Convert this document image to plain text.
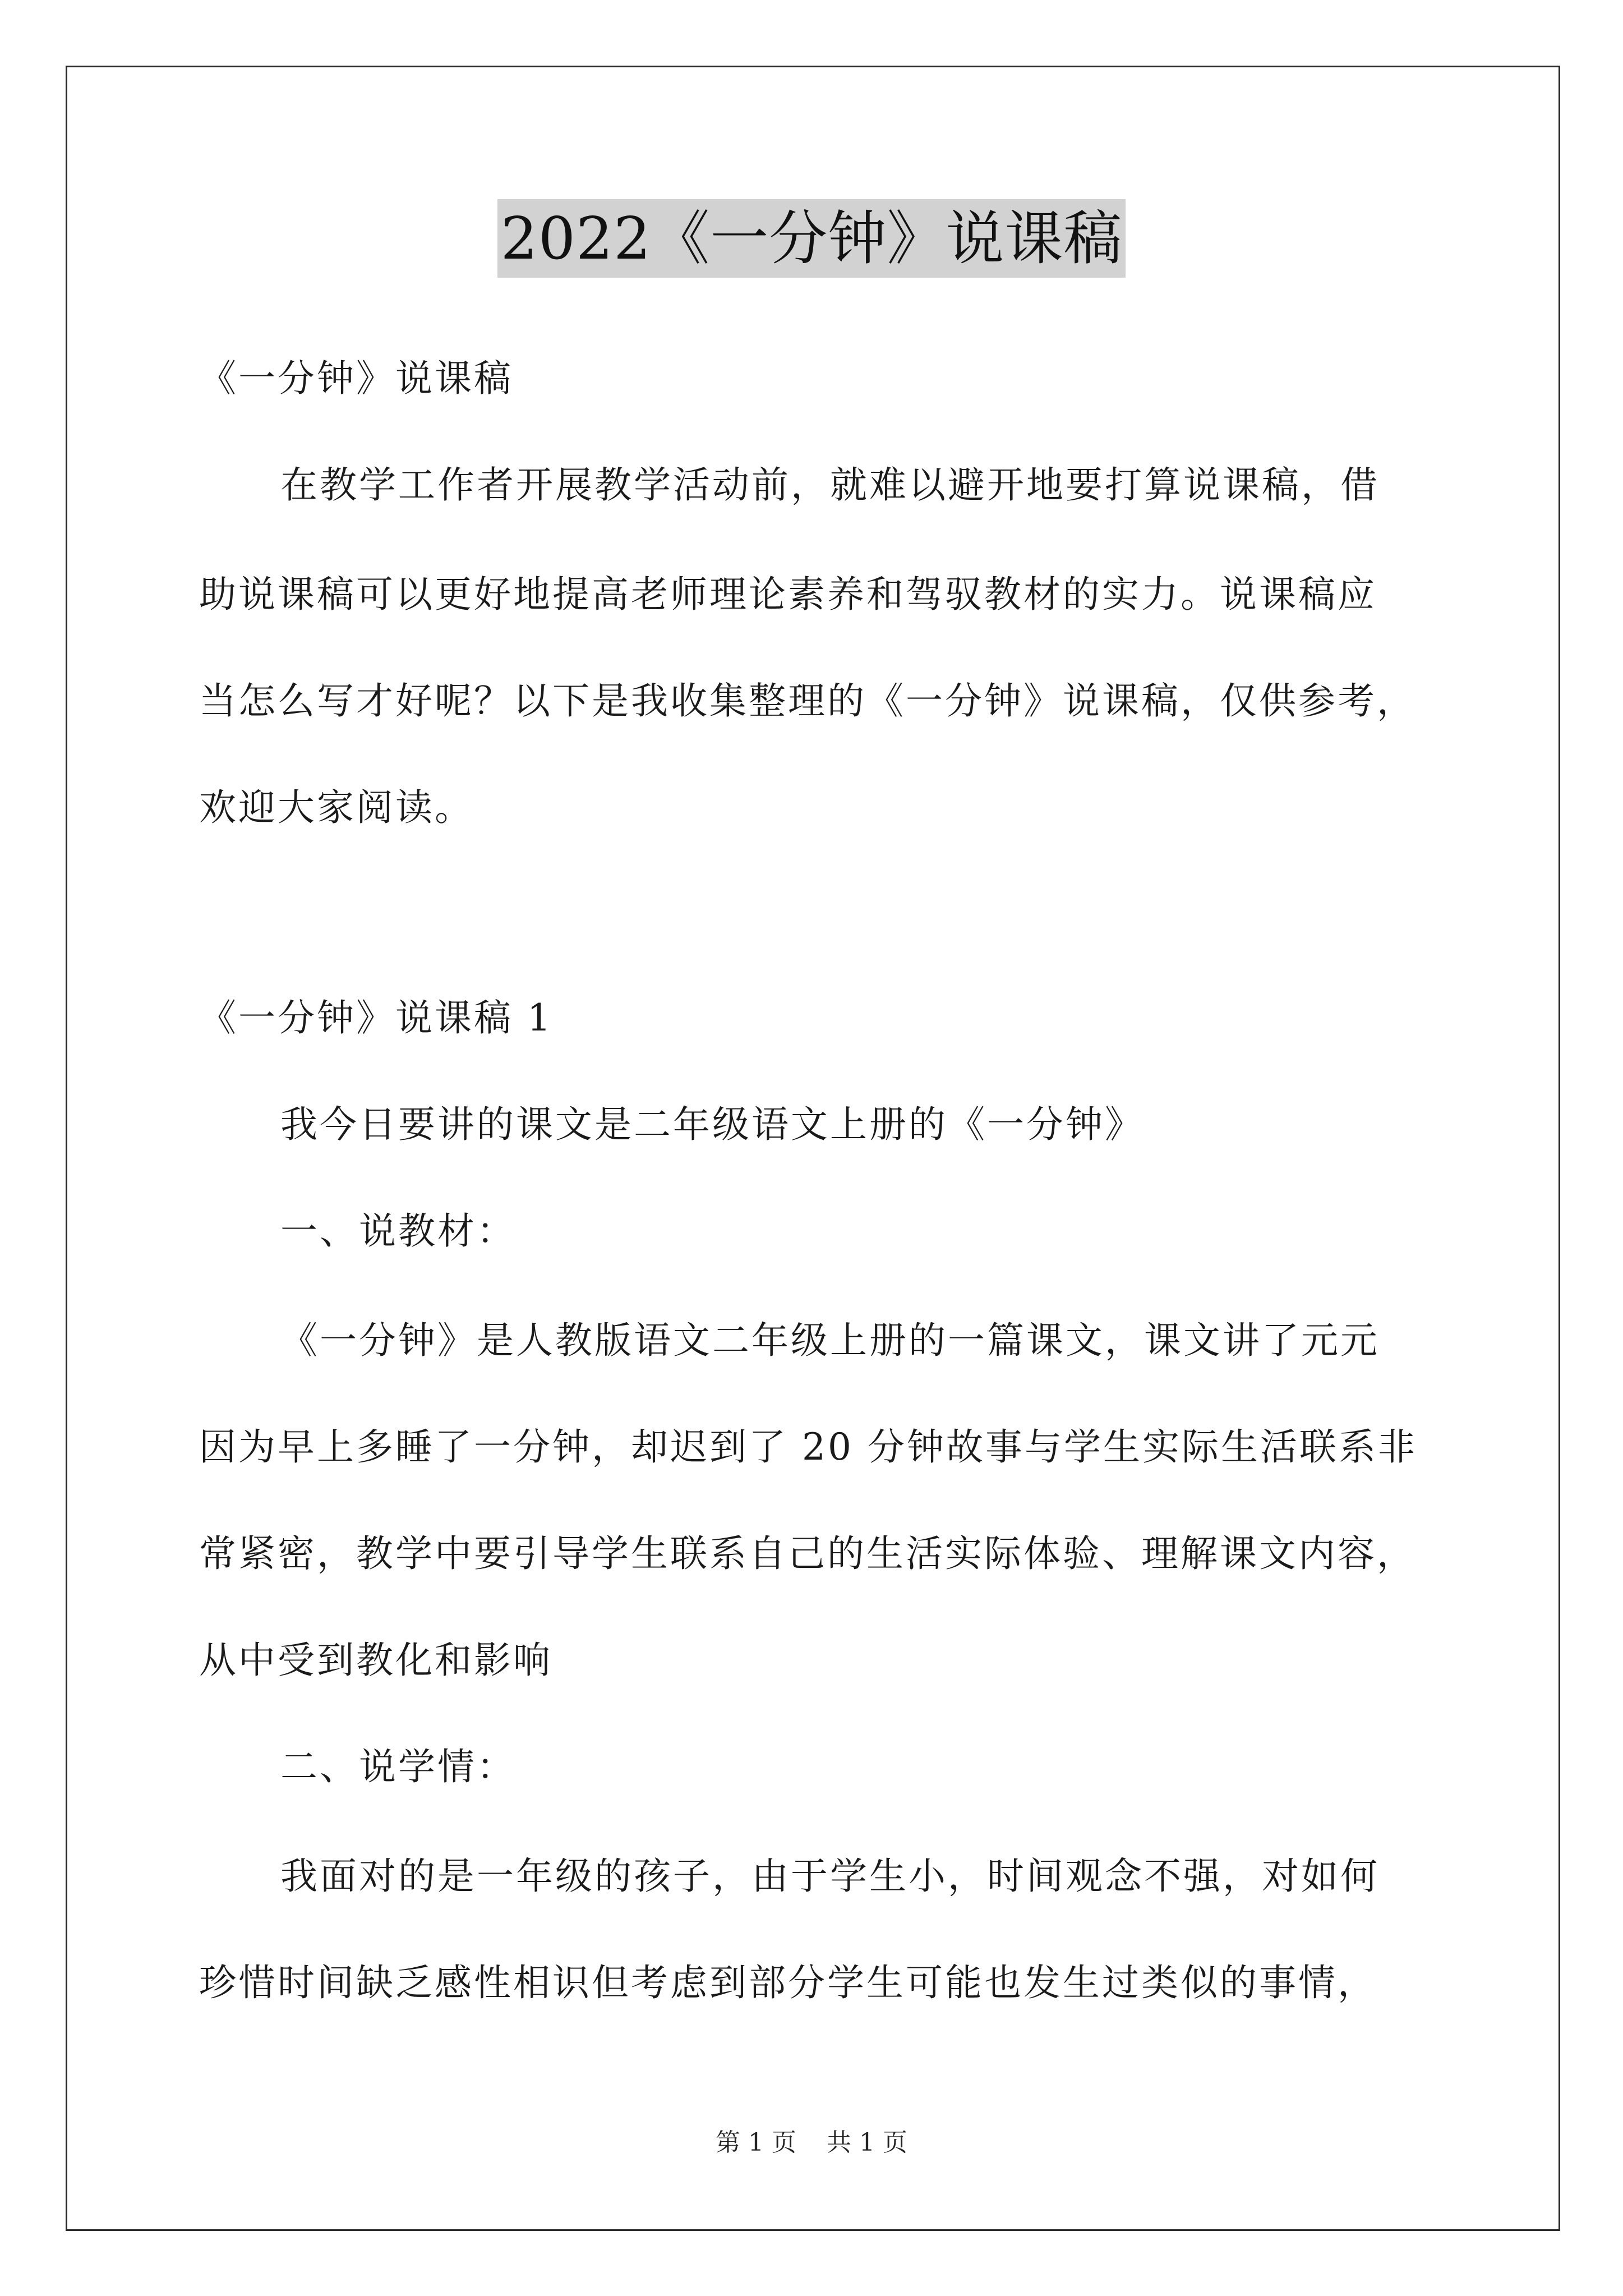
2022《一分钟》说课稿
《一分钟》说课稿
在教学工作者开展教学活动前，就难以避开地要打算说课稿，借
助说课稿可以更好地提高老师理论素养和驾驭教材的实力。说课稿应
当怎么写才好呢？以下是我收集整理的《一分钟》说课稿，仅供参考，
欢迎大家阅读。
《一分钟》说课稿 1
我今日要讲的课文是二年级语文上册的《一分钟》
一、说教材：
《一分钟》是人教版语文二年级上册的一篇课文，课文讲了元元
因为早上多睡了一分钟，却迟到了 20 分钟故事与学生实际生活联系非
常紧密，教学中要引导学生联系自己的生活实际体验、理解课文内容，
从中受到教化和影响
二、说学情：
我面对的是一年级的孩子，由于学生小，时间观念不强，对如何
珍惜时间缺乏感性相识但考虑到部分学生可能也发生过类似的事情，
第 1 页 共 1 页
